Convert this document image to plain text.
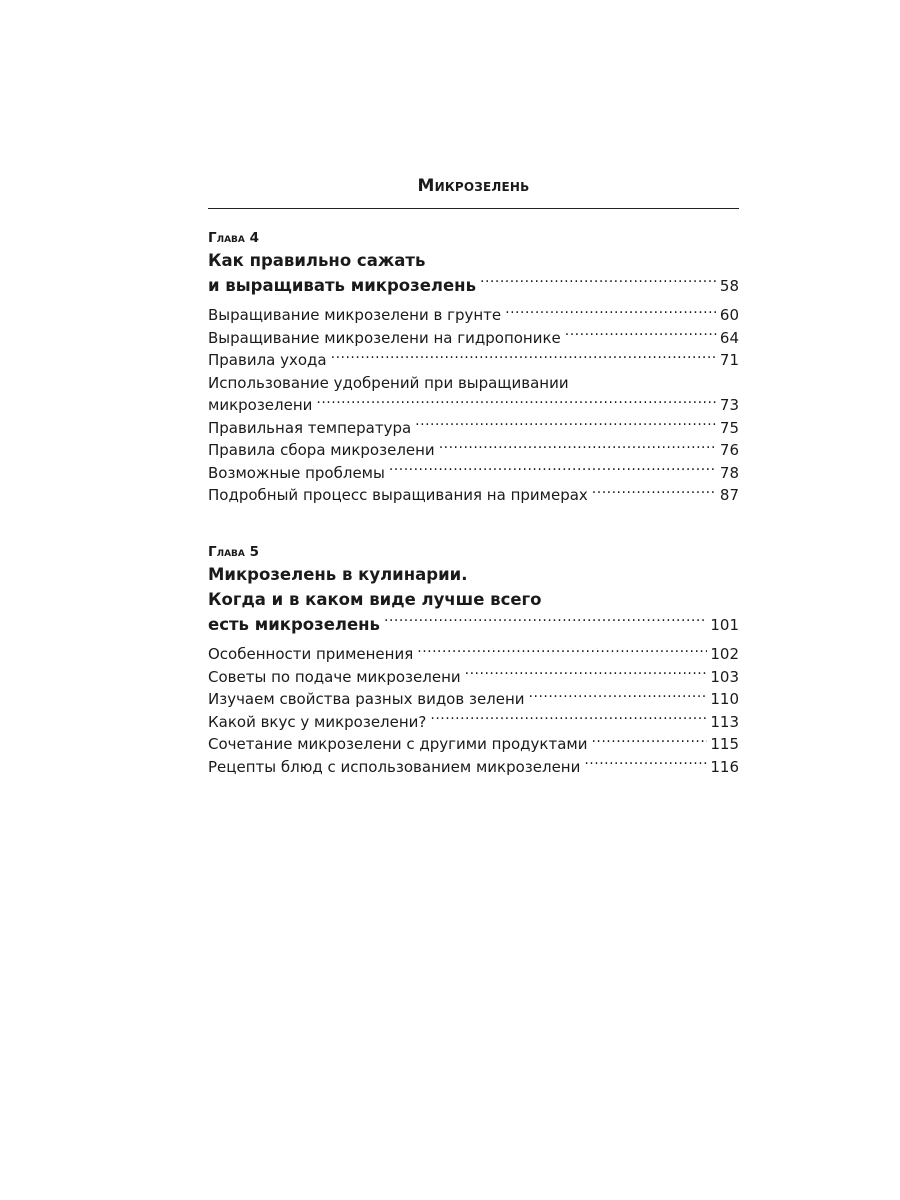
Микрозелень
Глава 4
Как правильно сажать
и выращивать микрозелень .....	58
Выращивание микрозелени в грунте .....	60
Выращивание микрозелени на гидропонике .....	64
Правила ухода .....	71
Использование удобрений при выращивании
микрозелени .....	73
Правильная температура .....	75
Правила сбора микрозелени .....	76
Возможные проблемы .....	78
Подробный процесс выращивания на примерах .....	87
Глава 5
Микрозелень в кулинарии.
Когда и в каком виде лучше всего
есть микрозелень .....	101
Особенности применения .....	102
Советы по подаче микрозелени .....	103
Изучаем свойства разных видов зелени .....	110
Какой вкус у микрозелени? .....	113
Сочетание микрозелени с другими продуктами .....	115
Рецепты блюд с использованием микрозелени .....	116
